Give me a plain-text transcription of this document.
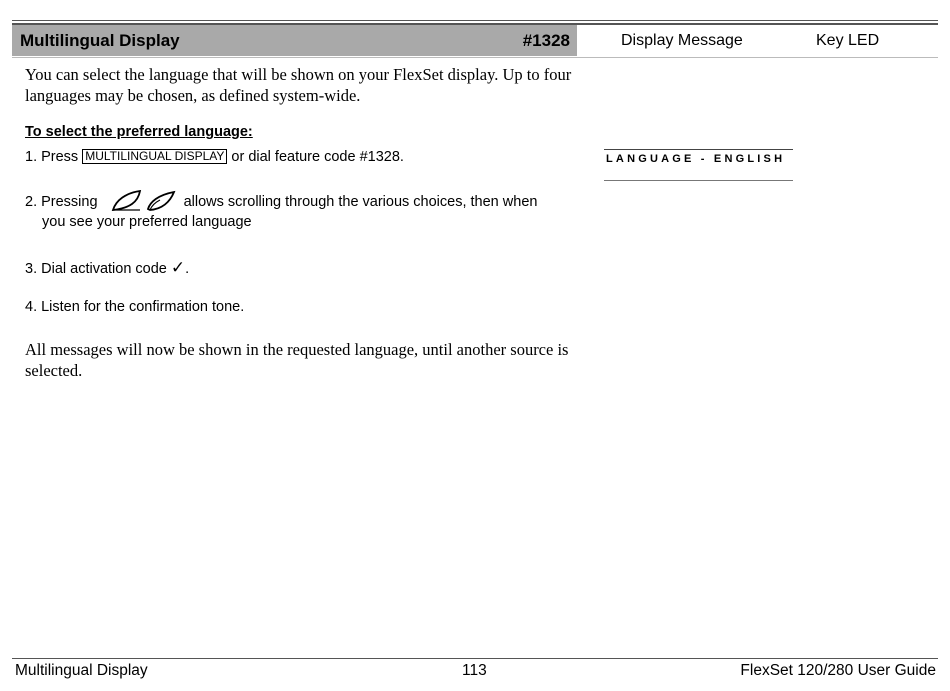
Multilingual Display	#1328	Display Message	Key LED
You can select the language that will be shown on your FlexSet display. Up to four languages may be chosen, as defined system-wide.
To select the preferred language:
1. Press MULTILINGUAL DISPLAY or dial feature code #1328.
2. Pressing	allows scrolling through the various choices, then when
you see your preferred language
3. Dial activation code ✓.
4. Listen for the confirmation tone.
All messages will now be shown in the requested language, until another source is selected.
LANGUAGE - ENGLISH
Multilingual Display	113	FlexSet 120/280 User Guide
